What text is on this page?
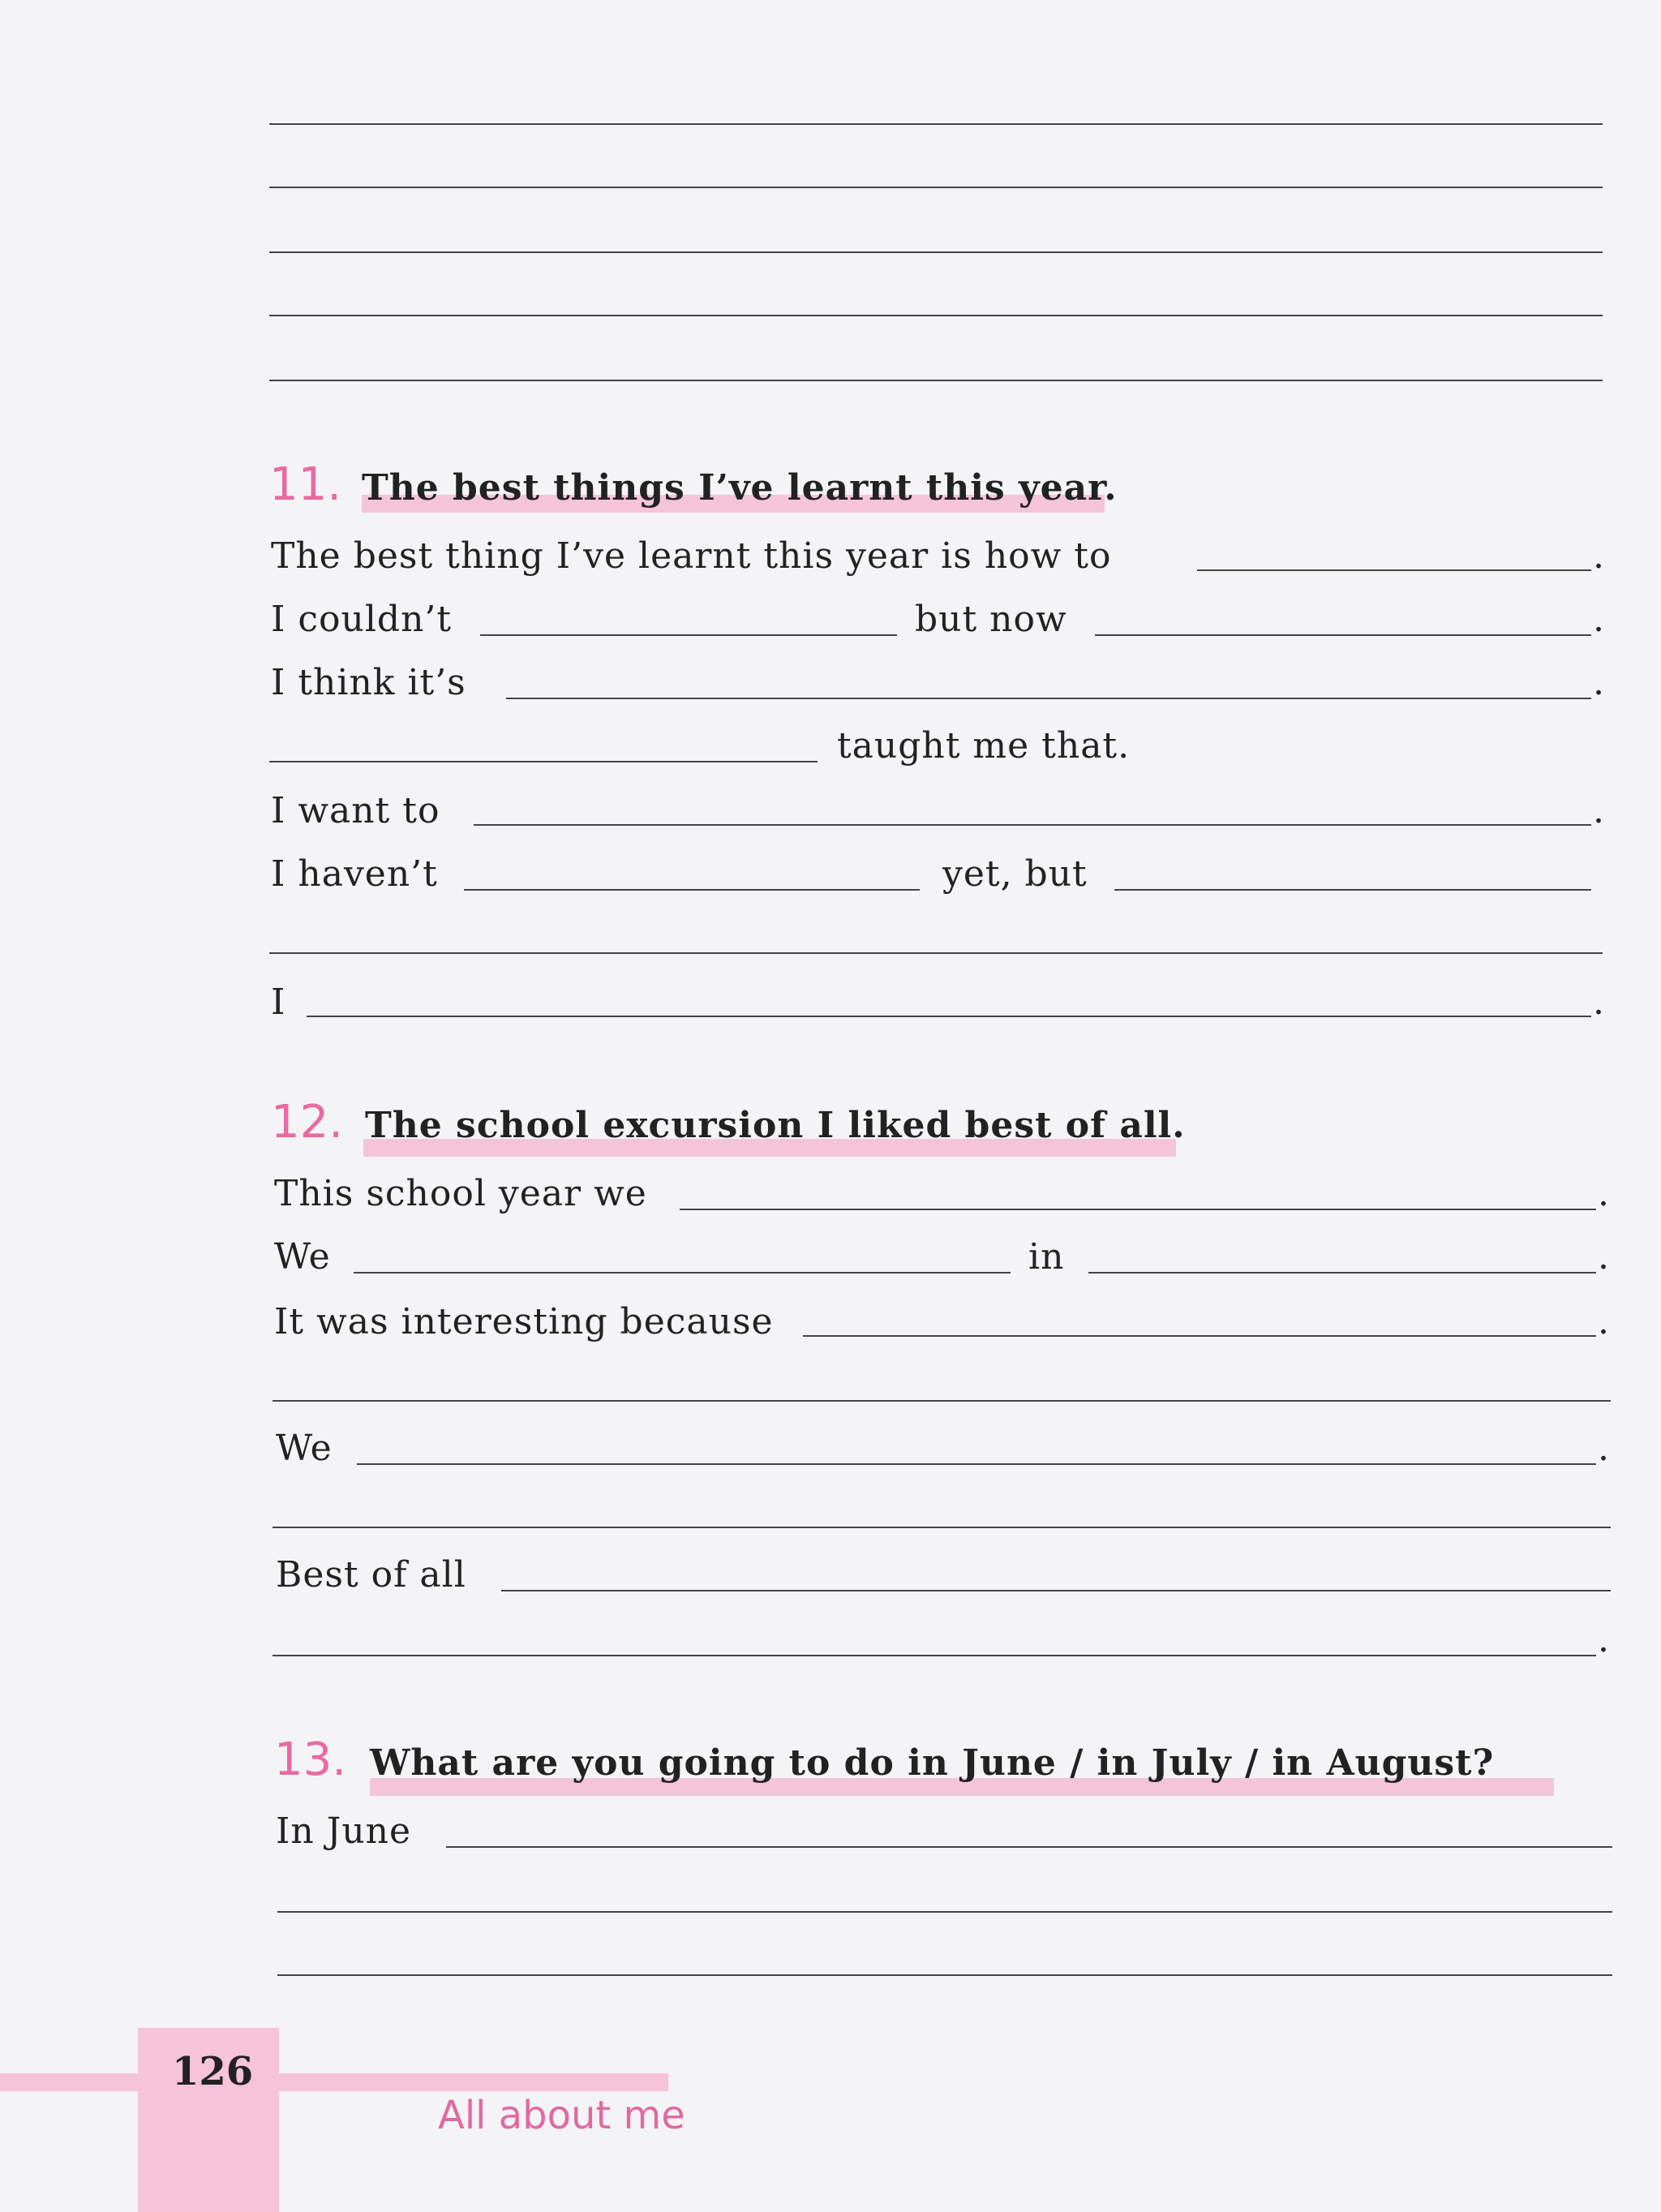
11. The best things I’ve learnt this year.
The best thing I’ve learnt this year is how to	.
I couldn’t	but now	.
I think it’s	.
taught me that.
I want to	.
I haven’t	yet, but
I	.
12. The school excursion I liked best of all.
This school year we	.
We	in	.
It was interesting because	.
We	.
Best of all
.
13. What are you going to do in June / in July / in August?
In June
126
All about me
